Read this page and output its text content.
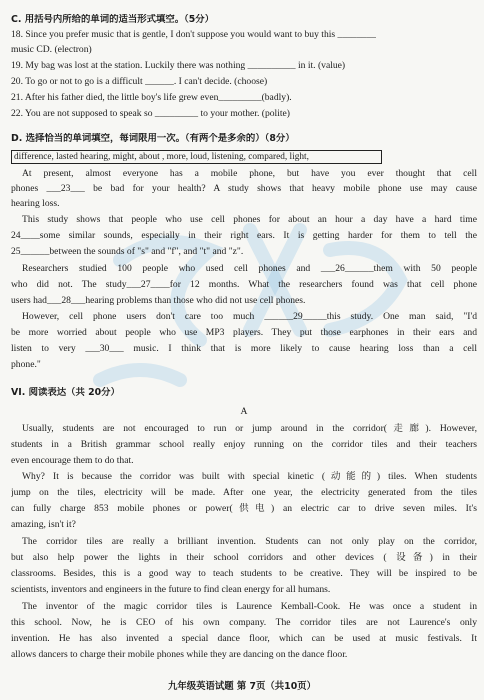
C. 用括号内所给的单词的适当形式填空。（5分）
18. Since you prefer music that is gentle, I don't suppose you would want to buy this ________
music CD. (electron)
19. My bag was lost at the station. Luckily there was nothing __________ in it. (value)
20. To go or not to go is a difficult ______. I can't decide. (choose)
21. After his father died, the little boy's life grew even_________(badly).
22. You are not supposed to speak so _________ to your mother. (polite)
D. 选择恰当的单词填空，每词限用一次。（有两个是多余的）（8分）
difference, lasted hearing, might, about , more, loud, listening, compared, light,
At present, almost everyone has a mobile phone, but have you ever thought that cell
phones ___23___ be bad for your health? A study shows that heavy mobile phone use may cause
hearing loss.
This study shows that people who use cell phones for about an hour a day have a hard time
24____some similar sounds, especially in their right ears. It is getting harder for them to tell the
25______between the sounds of "s" and "f", and "t" and "z".
Researchers studied 100 people who used cell phones and ___26______them with 50 people
who did not. The study___27____for 12 months. What the researchers found was that cell phone
users had___28___hearing problems than those who did not use cell phones.
However, cell phone users don't care too much ______29_____this study. One man said, "I'd
be more worried about people who use MP3 players. They put those earphones in their ears and
listen to very ___30___ music. I think that is more likely to cause hearing loss than a cell
phone."
VI. 阅读表达（共 20分）
A
Usually, students are not encouraged to run or jump around in the corridor(走廊). However,
students in a British grammar school really enjoy running on the corridor tiles and their teachers
even encourage them to do that.
Why? It is because the corridor was built with special kinetic (动能的) tiles. When students
jump on the tiles, electricity will be made. After one year, the electricity generated from the tiles
can fully charge 853 mobile phones or power(供电) an electric car to drive seven miles. It's
amazing, isn't it?
The corridor tiles are really a brilliant invention. Students can not only play on the corridor,
but also help power the lights in their school corridors and other devices ( 设备) in their
classrooms. Besides, this is a good way to teach students to be creative. They will be inspired to be
scientists, inventors and engineers in the future to find clean energy for all humans.
The inventor of the magic corridor tiles is Laurence Kemball-Cook. He was once a student in
this school. Now, he is CEO of his own company. The corridor tiles are not Laurence's only
invention. He has also invented a special dance floor, which can be used at music festivals. It
allows dancers to charge their mobile phones while they are dancing on the dance floor.
九年级英语试题 第 7页（共10页）
